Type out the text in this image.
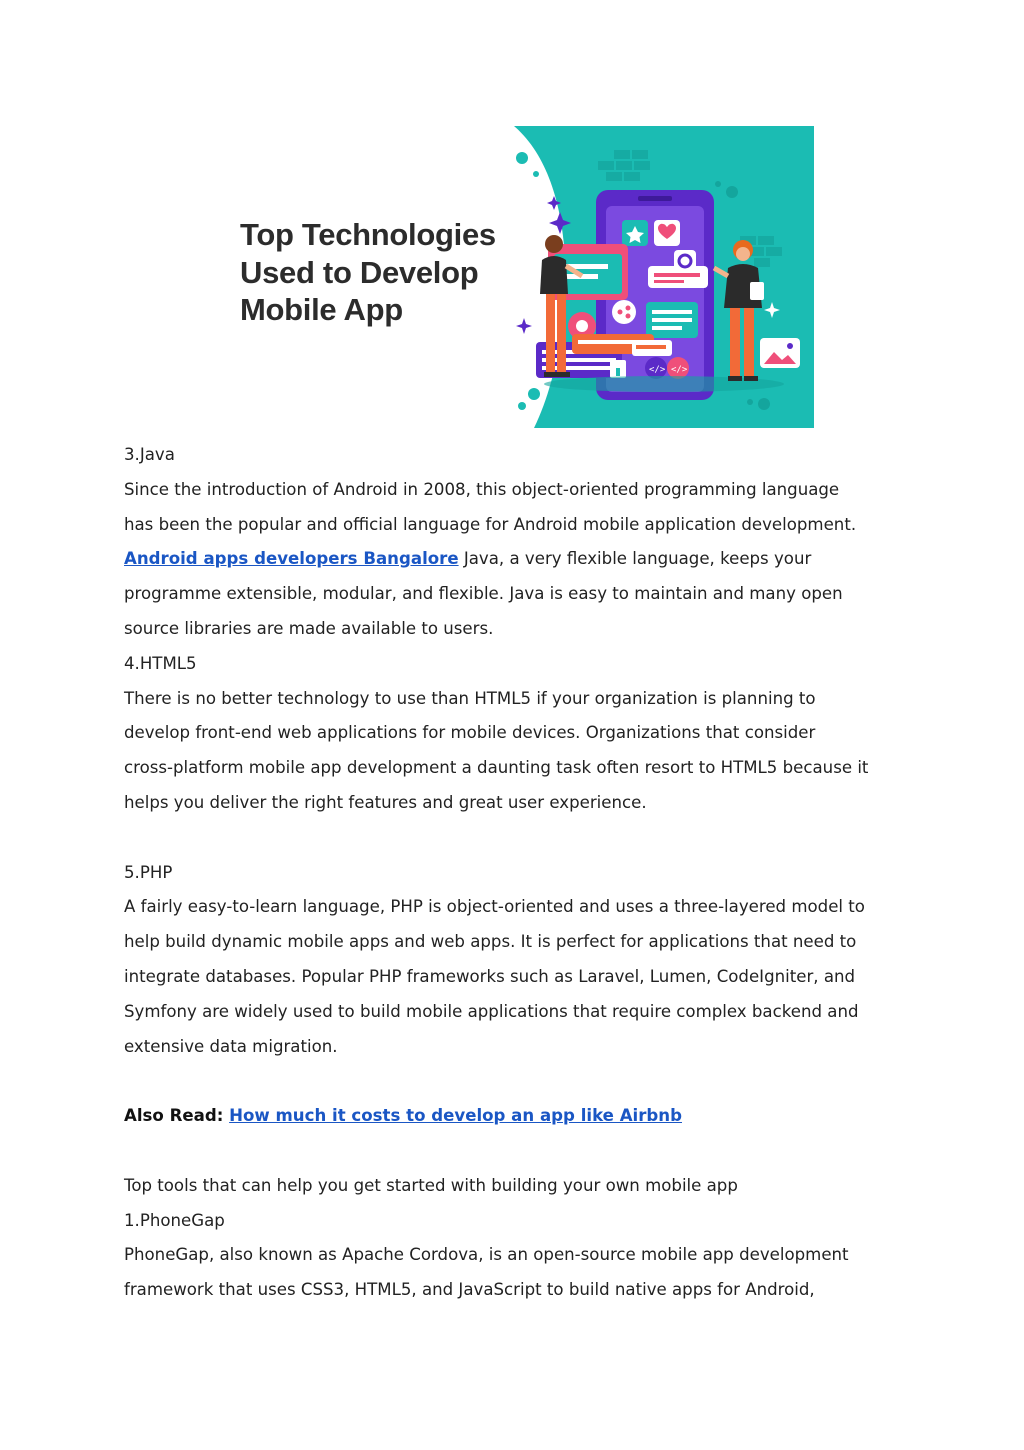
Top Technologies
Used to Develop
Mobile App
</> </>
3.Java
Since the introduction of Android in 2008, this object-oriented programming language
has been the popular and official language for Android mobile application development.
Android apps developers Bangalore Java, a very flexible language, keeps your
programme extensible, modular, and flexible. Java is easy to maintain and many open
source libraries are made available to users.
4.HTML5
There is no better technology to use than HTML5 if your organization is planning to
develop front-end web applications for mobile devices. Organizations that consider
cross-platform mobile app development a daunting task often resort to HTML5 because it
helps you deliver the right features and great user experience.
5.PHP
A fairly easy-to-learn language, PHP is object-oriented and uses a three-layered model to
help build dynamic mobile apps and web apps. It is perfect for applications that need to
integrate databases. Popular PHP frameworks such as Laravel, Lumen, CodeIgniter, and
Symfony are widely used to build mobile applications that require complex backend and
extensive data migration.
Also Read: How much it costs to develop an app like Airbnb
Top tools that can help you get started with building your own mobile app
1.PhoneGap
PhoneGap, also known as Apache Cordova, is an open-source mobile app development
framework that uses CSS3, HTML5, and JavaScript to build native apps for Android,
